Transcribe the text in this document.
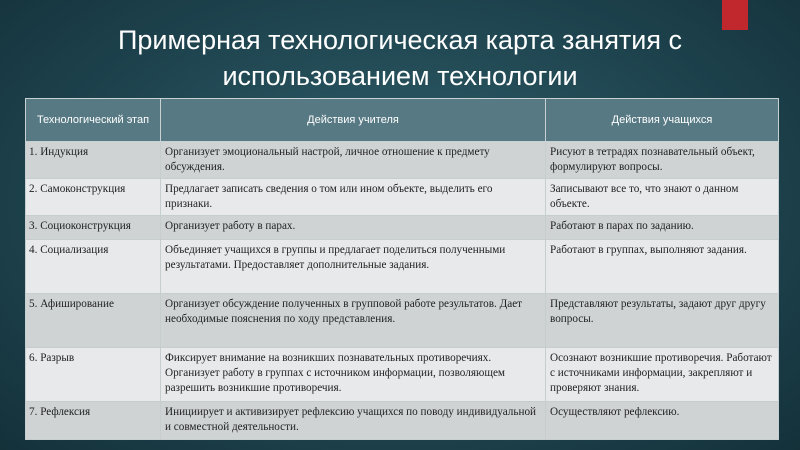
Примерная технологическая карта занятия с
использованием технологии
Технологический этап	Действия учителя	Действия учащихся
1. Индукция	Организует эмоциональный настрой, личное отношение к предмету обсуждения.	Рисуют в тетрадях познавательный объект, формулируют вопросы.
2. Самоконструкция	Предлагает записать сведения о том или ином объекте, выделить его признаки.	Записывают все то, что знают о данном объекте.
3. Социоконструкция	Организует работу в парах.	Работают в парах по заданию.
4. Социализация	Объединяет учащихся в группы и предлагает поделиться полученными результатами. Предоставляет дополнительные задания.	Работают в группах, выполняют задания.
5. Афиширование	Организует обсуждение полученных в групповой работе результатов. Дает необходимые пояснения по ходу представления.	Представляют результаты, задают друг другу вопросы.
6. Разрыв	Фиксирует внимание на возникших познавательных противоречиях. Организует работу в группах с источником информации, позволяющем разрешить возникшие противоречия.	Осознают возникшие противоречия. Работают с источниками информации, закрепляют и проверяют знания.
7. Рефлексия	Инициирует и активизирует рефлексию учащихся по поводу индивидуальной и совместной деятельности.	Осуществляют рефлексию.
